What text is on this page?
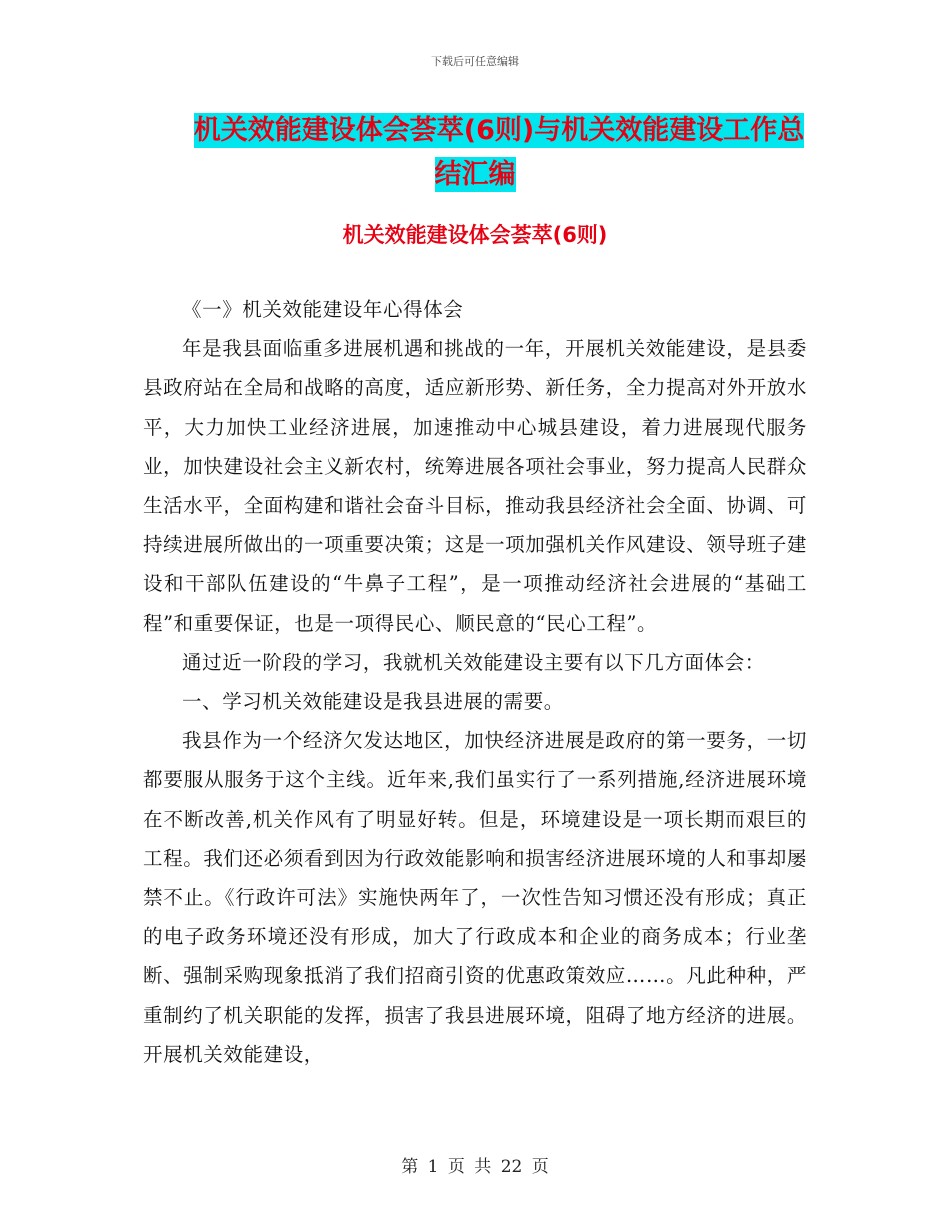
下载后可任意编辑
机关效能建设体会荟萃(6则)与机关效能建设工作总
结汇编
机关效能建设体会荟萃(6则)

《一》机关效能建设年心得体会

年是我县面临重多进展机遇和挑战的一年，开展机关效能建设，是县委县政府站在全局和战略的高度，适应新形势、新任务，全力提高对外开放水平，大力加快工业经济进展，加速推动中心城县建设，着力进展现代服务业，加快建设社会主义新农村，统筹进展各项社会事业，努力提高人民群众生活水平，全面构建和谐社会奋斗目标，推动我县经济社会全面、协调、可持续进展所做出的一项重要决策；这是一项加强机关作风建设、领导班子建设和干部队伍建设的“牛鼻子工程”，是一项推动经济社会进展的“基础工程”和重要保证，也是一项得民心、顺民意的“民心工程”。

通过近一阶段的学习，我就机关效能建设主要有以下几方面体会：

一、学习机关效能建设是我县进展的需要。

我县作为一个经济欠发达地区，加快经济进展是政府的第一要务，一切都要服从服务于这个主线。近年来,我们虽实行了一系列措施,经济进展环境在不断改善,机关作风有了明显好转。但是，环境建设是一项长期而艰巨的工程。我们还必须看到因为行政效能影响和损害经济进展环境的人和事却屡禁不止。《行政许可法》实施快两年了，一次性告知习惯还没有形成；真正的电子政务环境还没有形成，加大了行政成本和企业的商务成本；行业垄断、强制采购现象抵消了我们招商引资的优惠政策效应……。凡此种种，严重制约了机关职能的发挥，损害了我县进展环境，阻碍了地方经济的进展。开展机关效能建设，

第 1 页 共 22 页
